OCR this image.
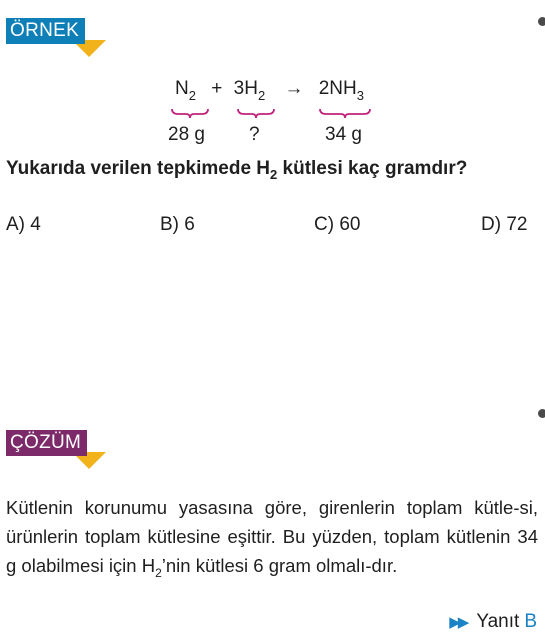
ÖRNEK
$N_2 + 3H_2 \to 2NH_3$
28 g ?	34 g
Yukarıda verilen tepkimede $H_2$ kütlesi kaç gramdır?
A) 4	B) 6	C) 60	D) 72
ÇÖZÜM
Kütlenin korunumu yasasına göre, girenlerin toplam kütle-si, ürünlerin toplam kütlesine eşittir. Bu yüzden, toplam kütlenin 34 g olabilmesi için $H_2’nin$ kütlesi 6 gram olmalı-dır.
▶▶ Yanıt B
